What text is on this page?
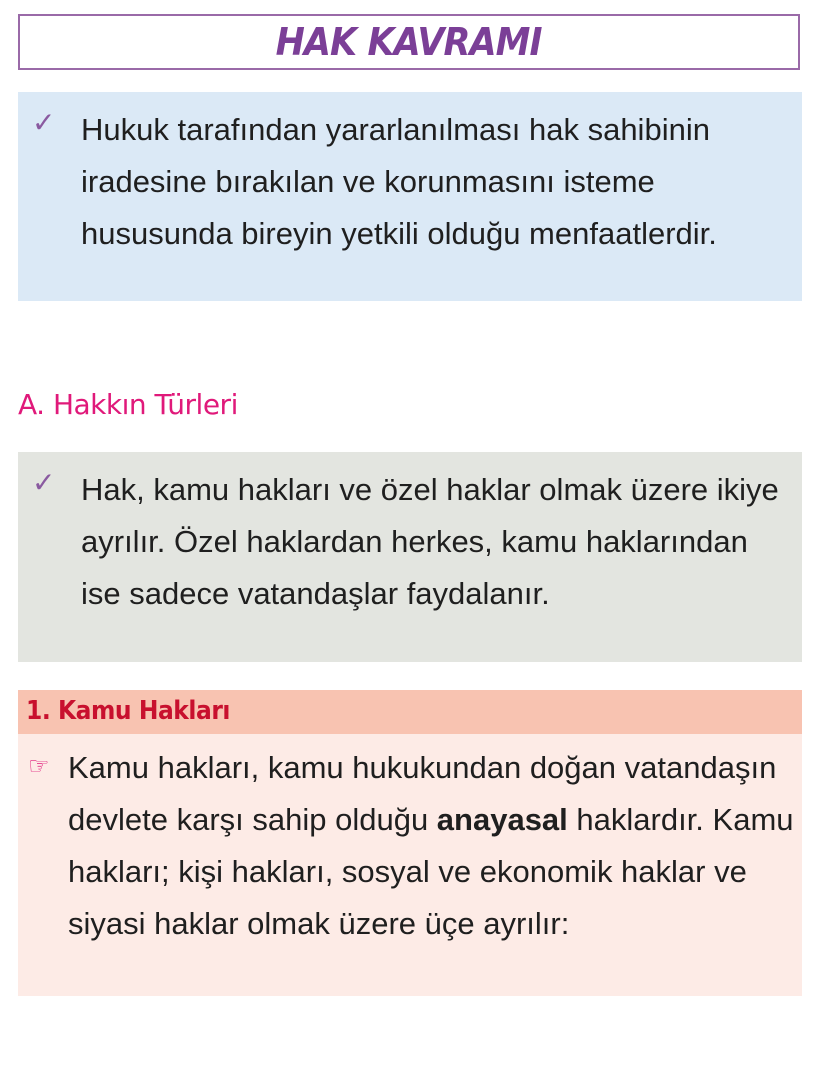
HAK KAVRAMI
✓ Hukuk tarafından yararlanılması hak sahibinin iradesine bırakılan ve korunmasını isteme hususunda bireyin yetkili olduğu menfaatlerdir.
A. Hakkın Türleri
✓ Hak, kamu hakları ve özel haklar olmak üzere ikiye ayrılır. Özel haklardan herkes, kamu haklarından ise sadece vatandaşlar faydalanır.
1. Kamu Hakları
☞ Kamu hakları, kamu hukukundan doğan vatandaşın devlete karşı sahip olduğu anayasal haklardır. Kamu hakları; kişi hakları, sosyal ve ekonomik haklar ve siyasi haklar olmak üzere üçe ayrılır:
